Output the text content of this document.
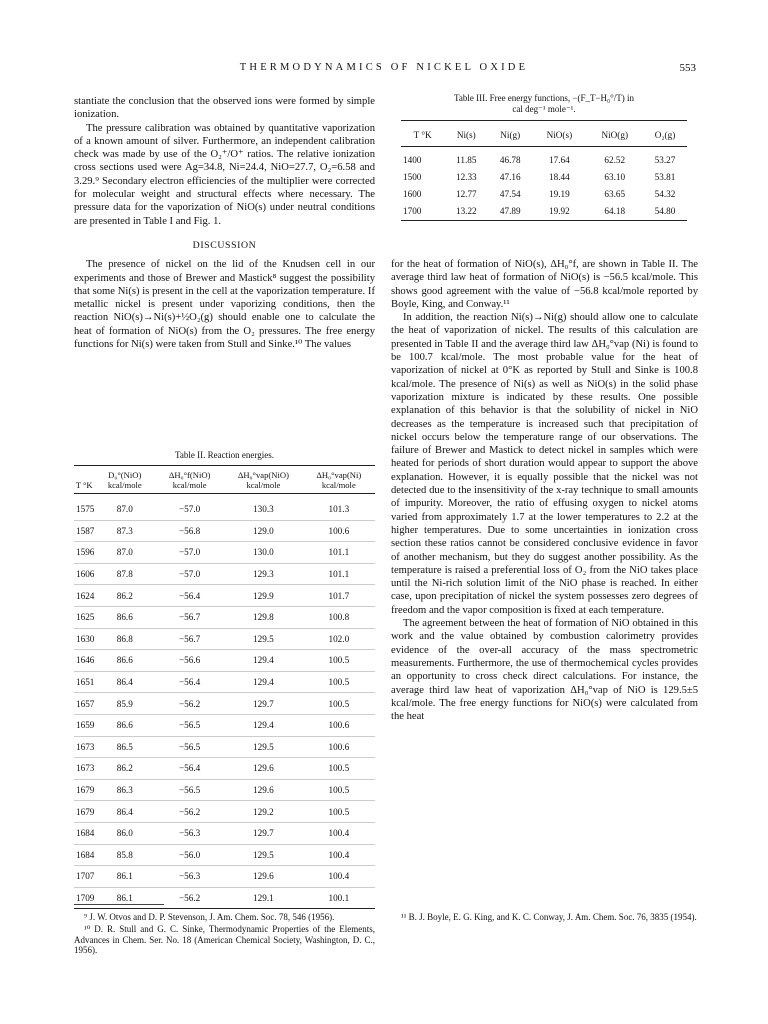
THERMODYNAMICS OF NICKEL OXIDE	553

stantiate the conclusion that the observed ions were formed by simple ionization.

The pressure calibration was obtained by quantitative vaporization of a known amount of silver. Furthermore, an independent calibration check was made by use of the O₂⁺/O⁺ ratios. The relative ionization cross sections used were Ag=34.8, Ni=24.4, NiO=27.7, O₂=6.58 and 3.29.⁹ Secondary electron efficiencies of the multiplier were corrected for molecular weight and structural effects where necessary. The pressure data for the vaporization of NiO(s) under neutral conditions are presented in Table I and Fig. 1.

DISCUSSION

The presence of nickel on the lid of the Knudsen cell in our experiments and those of Brewer and Mastick⁸ suggest the possibility that some Ni(s) is present in the cell at the vaporization temperature. If metallic nickel is present under vaporizing conditions, then the reaction NiO(s)→Ni(s)+½O₂(g) should enable one to calculate the heat of formation of NiO(s) from the O₂ pressures. The free energy functions for Ni(s) were taken from Stull and Sinke.¹⁰ The values

Table II. Reaction energies.

T °K	D₀°(NiO) kcal/mole	ΔH₀°f(NiO) kcal/mole	ΔH₀°vap(NiO) kcal/mole	ΔH₀°vap(Ni) kcal/mole
1575	87.0	−57.0	130.3	101.3
1587	87.3	−56.8	129.0	100.6
1596	87.0	−57.0	130.0	101.1
1606	87.8	−57.0	129.3	101.1
1624	86.2	−56.4	129.9	101.7
1625	86.6	−56.7	129.8	100.8
1630	86.8	−56.7	129.5	102.0
1646	86.6	−56.6	129.4	100.5
1651	86.4	−56.4	129.4	100.5
1657	85.9	−56.2	129.7	100.5
1659	86.6	−56.5	129.4	100.6
1673	86.5	−56.5	129.5	100.6
1673	86.2	−56.4	129.6	100.5
1679	86.3	−56.5	129.6	100.5
1679	86.4	−56.2	129.2	100.5
1684	86.0	−56.3	129.7	100.4
1684	85.8	−56.0	129.5	100.4
1707	86.1	−56.3	129.6	100.4
1709	86.1	−56.2	129.1	100.1

Table III. Free energy functions, −(F_T−H₀°/T) in

cal deg⁻¹ mole⁻¹.

T °K	Ni(s)	Ni(g)	NiO(s)	NiO(g)	O₂(g)
1400	11.85	46.78	17.64	62.52	53.27
1500	12.33	47.16	18.44	63.10	53.81
1600	12.77	47.54	19.19	63.65	54.32
1700	13.22	47.89	19.92	64.18	54.80

for the heat of formation of NiO(s), ΔH₀°f, are shown in Table II. The average third law heat of formation of NiO(s) is −56.5 kcal/mole. This shows good agreement with the value of −56.8 kcal/mole reported by Boyle, King, and Conway.¹¹

In addition, the reaction Ni(s)→Ni(g) should allow one to calculate the heat of vaporization of nickel. The results of this calculation are presented in Table II and the average third law ΔH₀°vap (Ni) is found to be 100.7 kcal/mole. The most probable value for the heat of vaporization of nickel at 0°K as reported by Stull and Sinke is 100.8 kcal/mole. The presence of Ni(s) as well as NiO(s) in the solid phase vaporization mixture is indicated by these results. One possible explanation of this behavior is that the solubility of nickel in NiO decreases as the temperature is increased such that precipitation of nickel occurs below the temperature range of our observations. The failure of Brewer and Mastick to detect nickel in samples which were heated for periods of short duration would appear to support the above explanation. However, it is equally possible that the nickel was not detected due to the insensitivity of the x-ray technique to small amounts of impurity. Moreover, the ratio of effusing oxygen to nickel atoms varied from approximately 1.7 at the lower temperatures to 2.2 at the higher temperatures. Due to some uncertainties in ionization cross section these ratios cannot be considered conclusive evidence in favor of another mechanism, but they do suggest another possibility. As the temperature is raised a preferential loss of O₂ from the NiO takes place until the Ni-rich solution limit of the NiO phase is reached. In either case, upon precipitation of nickel the system possesses zero degrees of freedom and the vapor composition is fixed at each temperature.

The agreement between the heat of formation of NiO obtained in this work and the value obtained by combustion calorimetry provides evidence of the over-all accuracy of the mass spectrometric measurements. Furthermore, the use of thermochemical cycles provides an opportunity to cross check direct calculations. For instance, the average third law heat of vaporization ΔH₀°vap of NiO is 129.5±5 kcal/mole. The free energy functions for NiO(s) were calculated from the heat

⁹ J. W. Otvos and D. P. Stevenson, J. Am. Chem. Soc. 78, 546 (1956).

¹⁰ D. R. Stull and G. C. Sinke, Thermodynamic Properties of the Elements, Advances in Chem. Ser. No. 18 (American Chemical Society, Washington, D. C., 1956).

¹¹ B. J. Boyle, E. G. King, and K. C. Conway, J. Am. Chem. Soc. 76, 3835 (1954).
